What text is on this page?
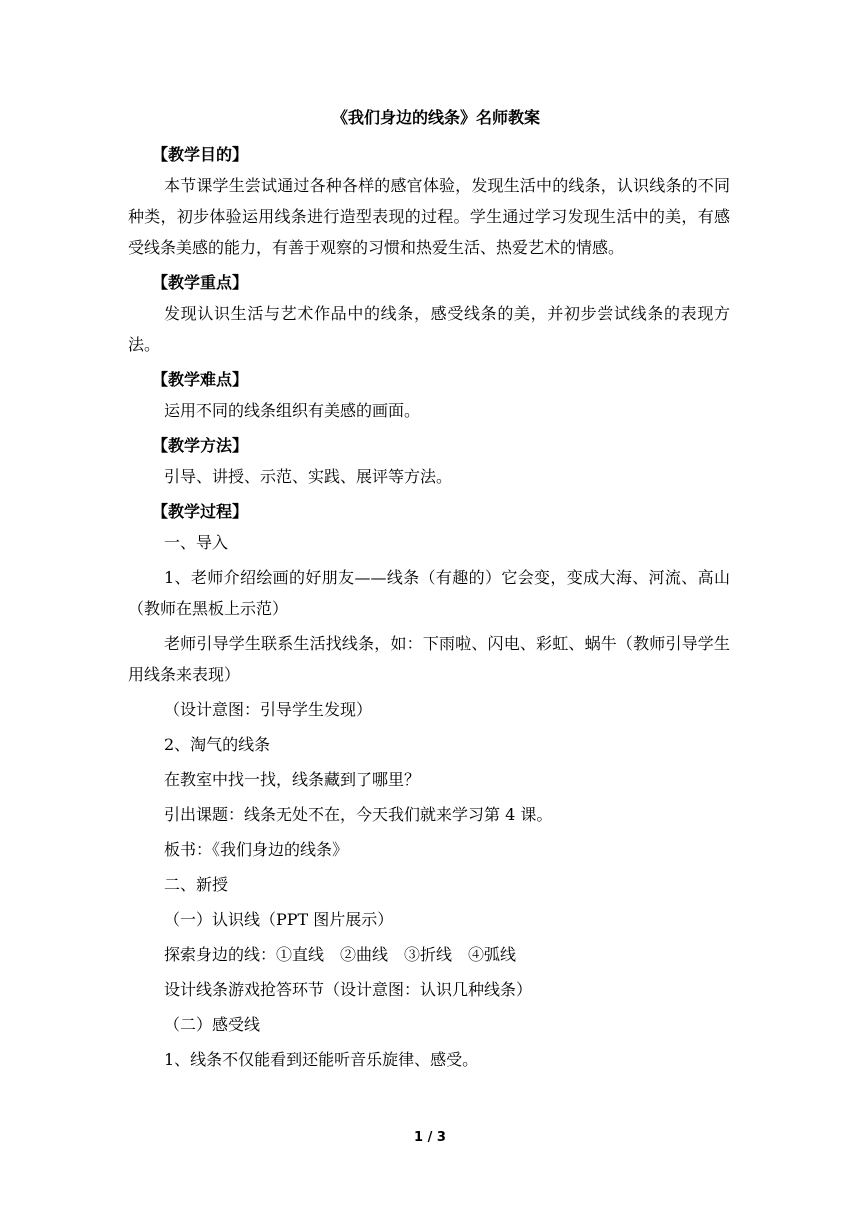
《我们身边的线条》名师教案
【教学目的】
本节课学生尝试通过各种各样的感官体验，发现生活中的线条，认识线条的不同种类，初步体验运用线条进行造型表现的过程。学生通过学习发现生活中的美，有感受线条美感的能力，有善于观察的习惯和热爱生活、热爱艺术的情感。
【教学重点】
发现认识生活与艺术作品中的线条，感受线条的美，并初步尝试线条的表现方法。
【教学难点】
运用不同的线条组织有美感的画面。
【教学方法】
引导、讲授、示范、实践、展评等方法。
【教学过程】
一、导入
1、老师介绍绘画的好朋友——线条（有趣的）它会变，变成大海、河流、高山（教师在黑板上示范）
老师引导学生联系生活找线条，如：下雨啦、闪电、彩虹、蜗牛（教师引导学生用线条来表现）
（设计意图：引导学生发现）
2、淘气的线条
在教室中找一找，线条藏到了哪里？
引出课题：线条无处不在，今天我们就来学习第 4 课。
板书：《我们身边的线条》
二、新授
（一）认识线（PPT 图片展示）
探索身边的线：①直线　②曲线　③折线　④弧线
设计线条游戏抢答环节（设计意图：认识几种线条）
（二）感受线
1、线条不仅能看到还能听音乐旋律、感受。
1 / 3
